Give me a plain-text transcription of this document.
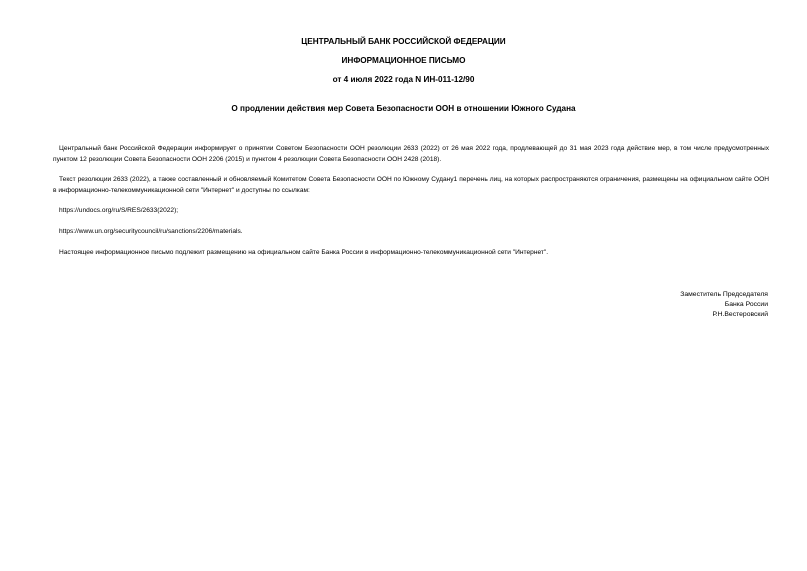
ЦЕНТРАЛЬНЫЙ БАНК РОССИЙСКОЙ ФЕДЕРАЦИИ
ИНФОРМАЦИОННОЕ ПИСЬМО
от 4 июля 2022 года N ИН-011-12/90
О продлении действия мер Совета Безопасности ООН в отношении Южного Судана
Центральный банк Российской Федерации информирует о принятии Советом Безопасности ООН резолюции 2633 (2022) от 26 мая 2022 года, продлевающей до 31 мая 2023 года действие мер, в том числе предусмотренных пунктом 12 резолюции Совета Безопасности ООН 2206 (2015) и пунктом 4 резолюции Совета Безопасности ООН 2428 (2018).
Текст резолюции 2633 (2022), а также составленный и обновляемый Комитетом Совета Безопасности ООН по Южному Судану1 перечень лиц, на которых распространяются ограничения, размещены на официальном сайте ООН в информационно-телекоммуникационной сети "Интернет" и доступны по ссылкам:
https://undocs.org/ru/S/RES/2633(2022);
https://www.un.org/securitycouncil/ru/sanctions/2206/materials.
Настоящее информационное письмо подлежит размещению на официальном сайте Банка России в информационно-телекоммуникационной сети "Интернет".
Заместитель Председателя
Банка России
Р.Н.Вестеровский
